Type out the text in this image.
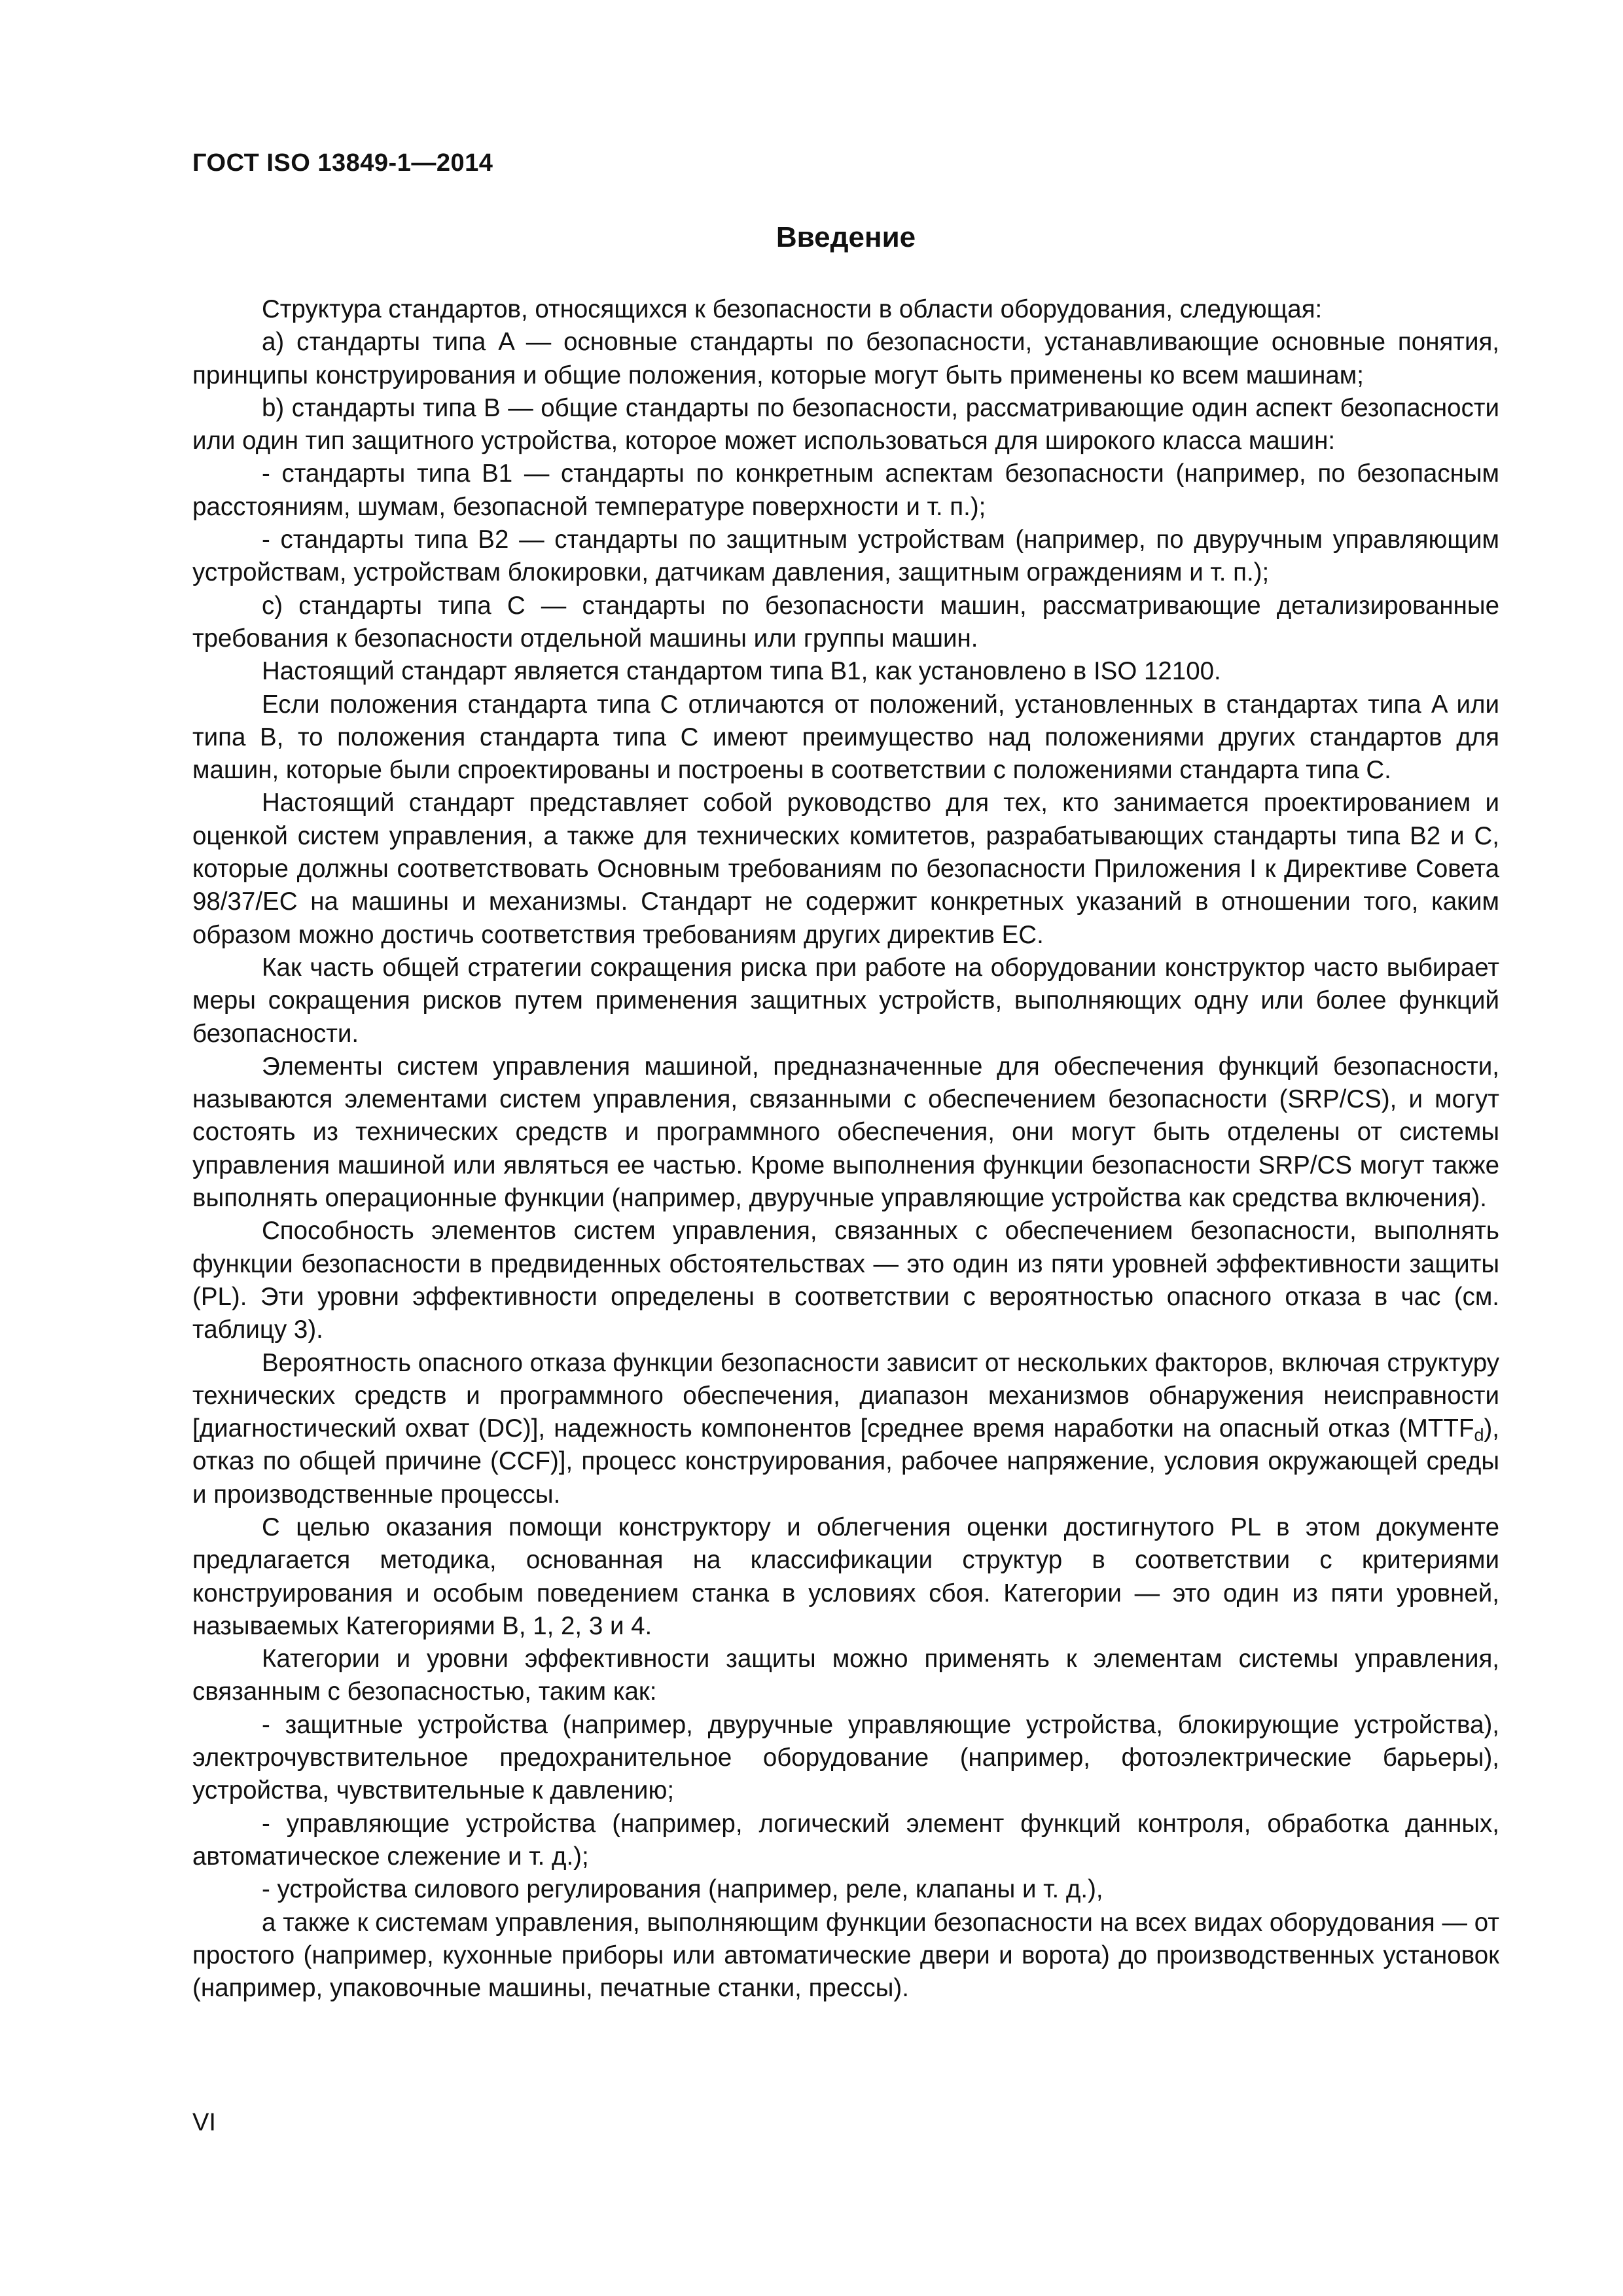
ГОСТ ISO 13849-1—2014
Введение

Структура стандартов, относящихся к безопасности в области оборудования, следующая:

a) стандарты типа A — основные стандарты по безопасности, устанавливающие основные понятия, принципы конструирования и общие положения, которые могут быть применены ко всем машинам;

b) стандарты типа B — общие стандарты по безопасности, рассматривающие один аспект безопасности или один тип защитного устройства, которое может использоваться для широкого класса машин:

- стандарты типа B1 — стандарты по конкретным аспектам безопасности (например, по безопасным расстояниям, шумам, безопасной температуре поверхности и т. п.);

- стандарты типа B2 — стандарты по защитным устройствам (например, по двуручным управляющим устройствам, устройствам блокировки, датчикам давления, защитным ограждениям и т. п.);

c) стандарты типа C — стандарты по безопасности машин, рассматривающие детализированные требования к безопасности отдельной машины или группы машин.

Настоящий стандарт является стандартом типа B1, как установлено в ISO 12100.

Если положения стандарта типа C отличаются от положений, установленных в стандартах типа A или типа B, то положения стандарта типа C имеют преимущество над положениями других стандартов для машин, которые были спроектированы и построены в соответствии с положениями стандарта типа C.

Настоящий стандарт представляет собой руководство для тех, кто занимается проектированием и оценкой систем управления, а также для технических комитетов, разрабатывающих стандарты типа B2 и C, которые должны соответствовать Основным требованиям по безопасности Приложения I к Директиве Совета 98/37/EC на машины и механизмы. Стандарт не содержит конкретных указаний в отношении того, каким образом можно достичь соответствия требованиям других директив EC.

Как часть общей стратегии сокращения риска при работе на оборудовании конструктор часто выбирает меры сокращения рисков путем применения защитных устройств, выполняющих одну или более функций безопасности.

Элементы систем управления машиной, предназначенные для обеспечения функций безопасности, называются элементами систем управления, связанными с обеспечением безопасности (SRP/CS), и могут состоять из технических средств и программного обеспечения, они могут быть отделены от системы управления машиной или являться ее частью. Кроме выполнения функции безопасности SRP/CS могут также выполнять операционные функции (например, двуручные управляющие устройства как средства включения).

Способность элементов систем управления, связанных с обеспечением безопасности, выполнять функции безопасности в предвиденных обстоятельствах — это один из пяти уровней эффективности защиты (PL). Эти уровни эффективности определены в соответствии с вероятностью опасного отказа в час (см. таблицу 3).

Вероятность опасного отказа функции безопасности зависит от нескольких факторов, включая структуру технических средств и программного обеспечения, диапазон механизмов обнаружения неисправности [диагностический охват (DC)], надежность компонентов [среднее время наработки на опасный отказ $(MTTF_d)$, отказ по общей причине (CCF)], процесс конструирования, рабочее напряжение, условия окружающей среды и производственные процессы.

С целью оказания помощи конструктору и облегчения оценки достигнутого PL в этом документе предлагается методика, основанная на классификации структур в соответствии с критериями конструирования и особым поведением станка в условиях сбоя. Категории — это один из пяти уровней, называемых Категориями B, 1, 2, 3 и 4.

Категории и уровни эффективности защиты можно применять к элементам системы управления, связанным с безопасностью, таким как:

- защитные устройства (например, двуручные управляющие устройства, блокирующие устройства), электрочувствительное предохранительное оборудование (например, фотоэлектрические барьеры), устройства, чувствительные к давлению;

- управляющие устройства (например, логический элемент функций контроля, обработка данных, автоматическое слежение и т. д.);

- устройства силового регулирования (например, реле, клапаны и т. д.),

а также к системам управления, выполняющим функции безопасности на всех видах оборудования — от простого (например, кухонные приборы или автоматические двери и ворота) до производственных установок (например, упаковочные машины, печатные станки, прессы).

VI
